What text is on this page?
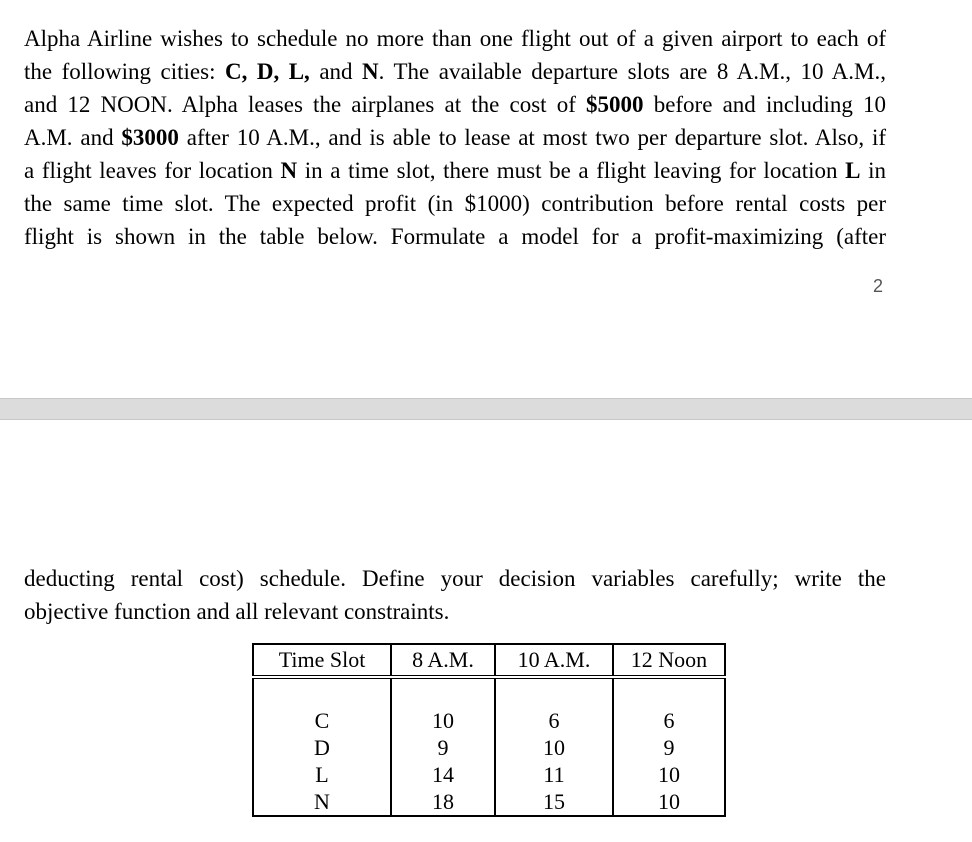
Alpha Airline wishes to schedule no more than one flight out of a given airport to each of
the following cities: C, D, L, and N. The available departure slots are 8 A.M., 10 A.M.,
and 12 NOON. Alpha leases the airplanes at the cost of $5000 before and including 10
A.M. and $3000 after 10 A.M., and is able to lease at most two per departure slot. Also, if
a flight leaves for location N in a time slot, there must be a flight leaving for location L in
the same time slot. The expected profit (in $1000) contribution before rental costs per
flight is shown in the table below. Formulate a model for a profit-maximizing (after
2
deducting rental cost) schedule. Define your decision variables carefully; write the
objective function and all relevant constraints.
Time Slot	8 A.M.	10 A.M.	12 Noon

C	10	6	6
D	9	10	9
L	14	11	10
N	18	15	10
